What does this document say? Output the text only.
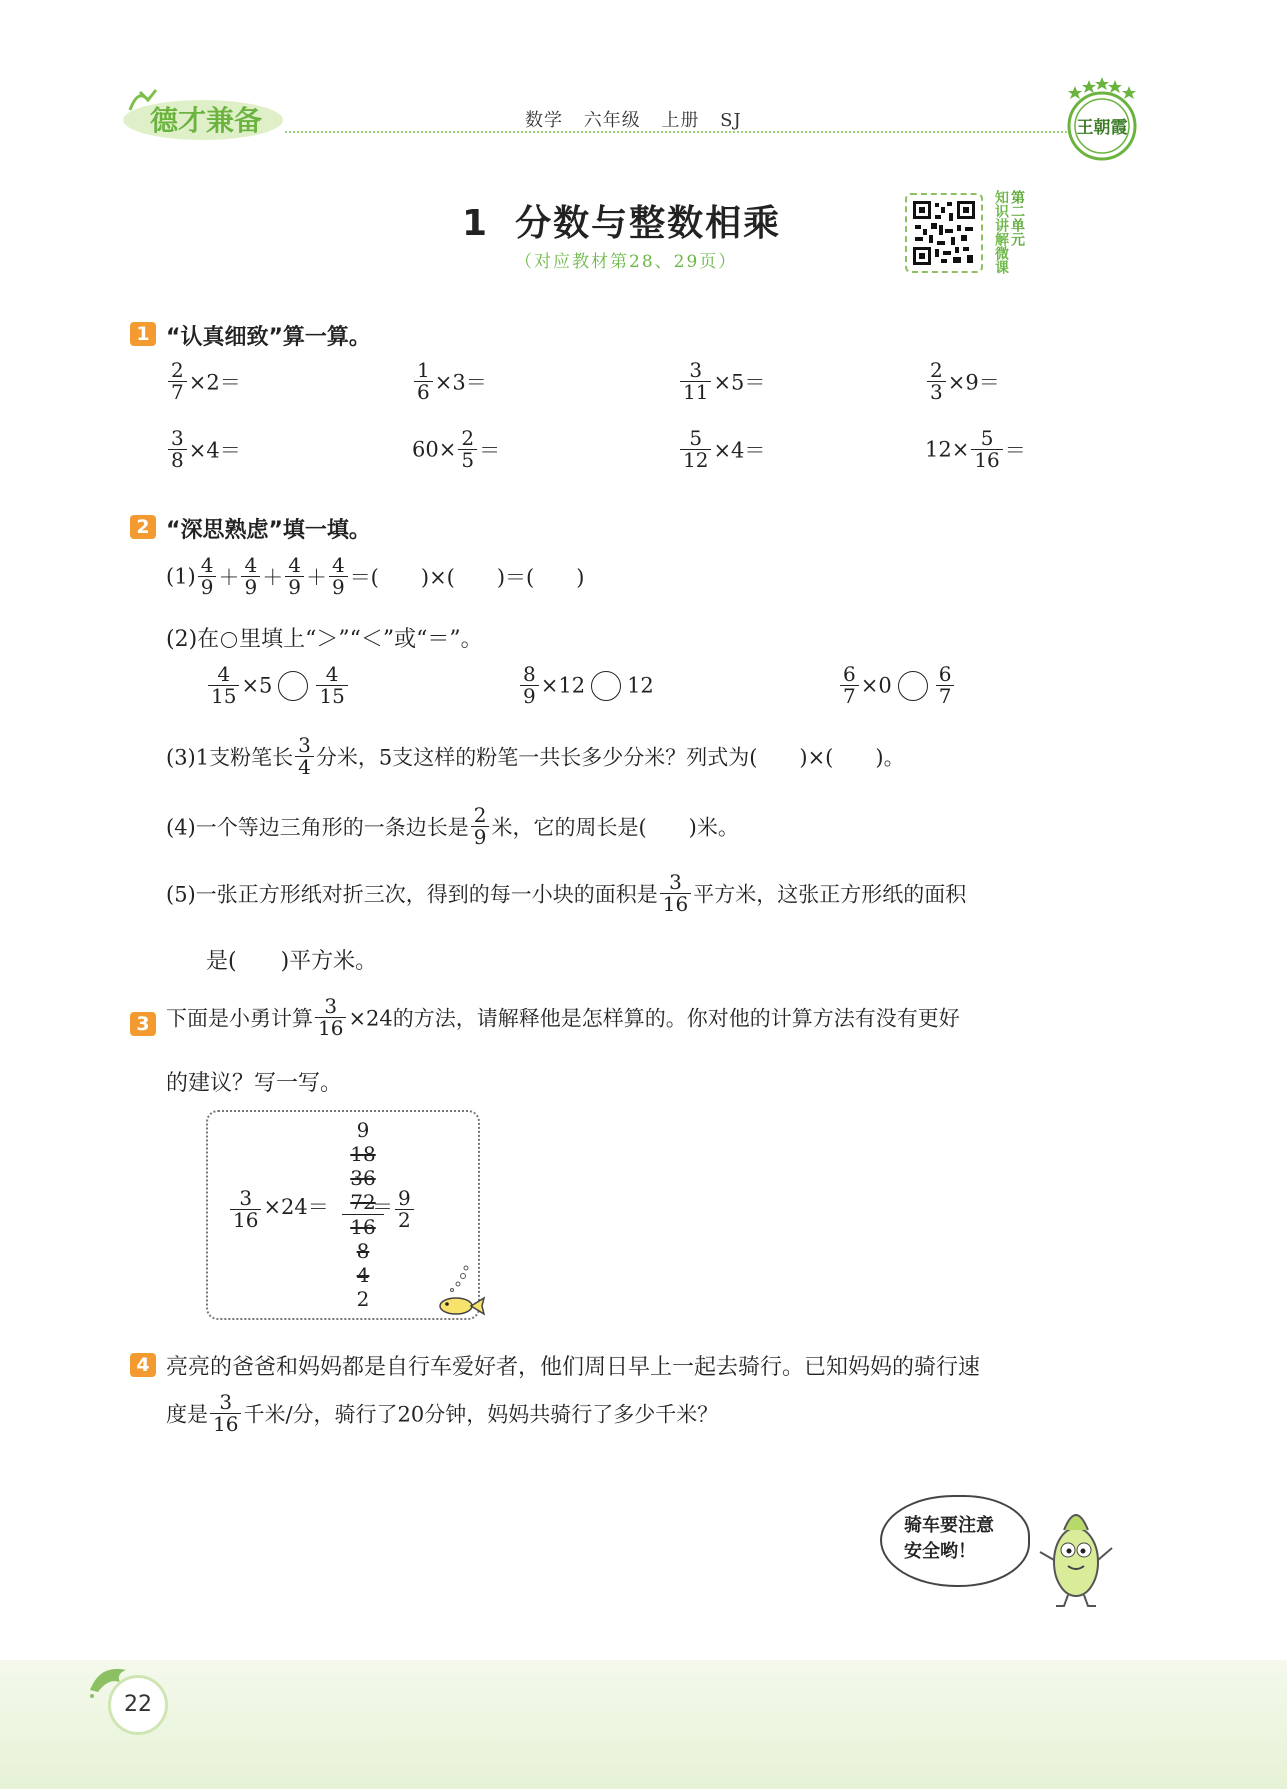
德才兼备	数学 六年级 上册 SJ	王朝霞
1 分数与整数相乘
（对应教材第28、29页）	知识讲解微课第二单元
1 “认真细致”算一算。
$\frac{2}{7} \times 2=$	$\frac{1}{6} \times 3=$	$\frac{3}{11} \times 5=$	$\frac{2}{3} \times 9=$
$\frac{3}{8} \times 4=$	$60\times \frac{2}{5}$ ＝	$\frac{5}{12} \times 4=$	$12\times \frac{5}{16}$ ＝
2 “深思熟虑”填一填。
$(1) \frac{4}{9} + \frac{4}{9} + \frac{4}{9} + \frac{4}{9}$ ＝(　　)×(　　)＝(　　)
(2)在 里填上“＞”“＜”或“＝”。
$\frac{4}{15} \times 5 \frac{4}{15}$	$\frac{8}{9} \times 12$ 12	$\frac{6}{7} \times 0 \frac{6}{7}$
(3)1支粉笔长 $\frac{3}{4}$ 分米，5支这样的粉笔一共长多少分米？列式为(　　)×(　　)。
(4)一个等边三角形的一条边长是 $\frac{2}{9}$ 米，它的周长是(　　)米。
(5)一张正方形纸对折三次，得到的每一小块的面积是 $\frac{3}{16}$ 平方米，这张正方形纸的面积
是(　　)平方米。
3 下面是小勇计算 $\frac{3}{16} \times 24$的方法，请解释他是怎样算的。你对他的计算方法有没有更好
的建议？写一写。
$\frac{3}{16} \times 24=$
9
18
36
72
16
8
4
2
＝ $\frac{9}{2}$
4 亮亮的爸爸和妈妈都是自行车爱好者，他们周日早上一起去骑行。已知妈妈的骑行速
度是 $\frac{3}{16}$ 千米/分，骑行了20分钟，妈妈共骑行了多少千米？
骑车要注意
安全哟！
22
